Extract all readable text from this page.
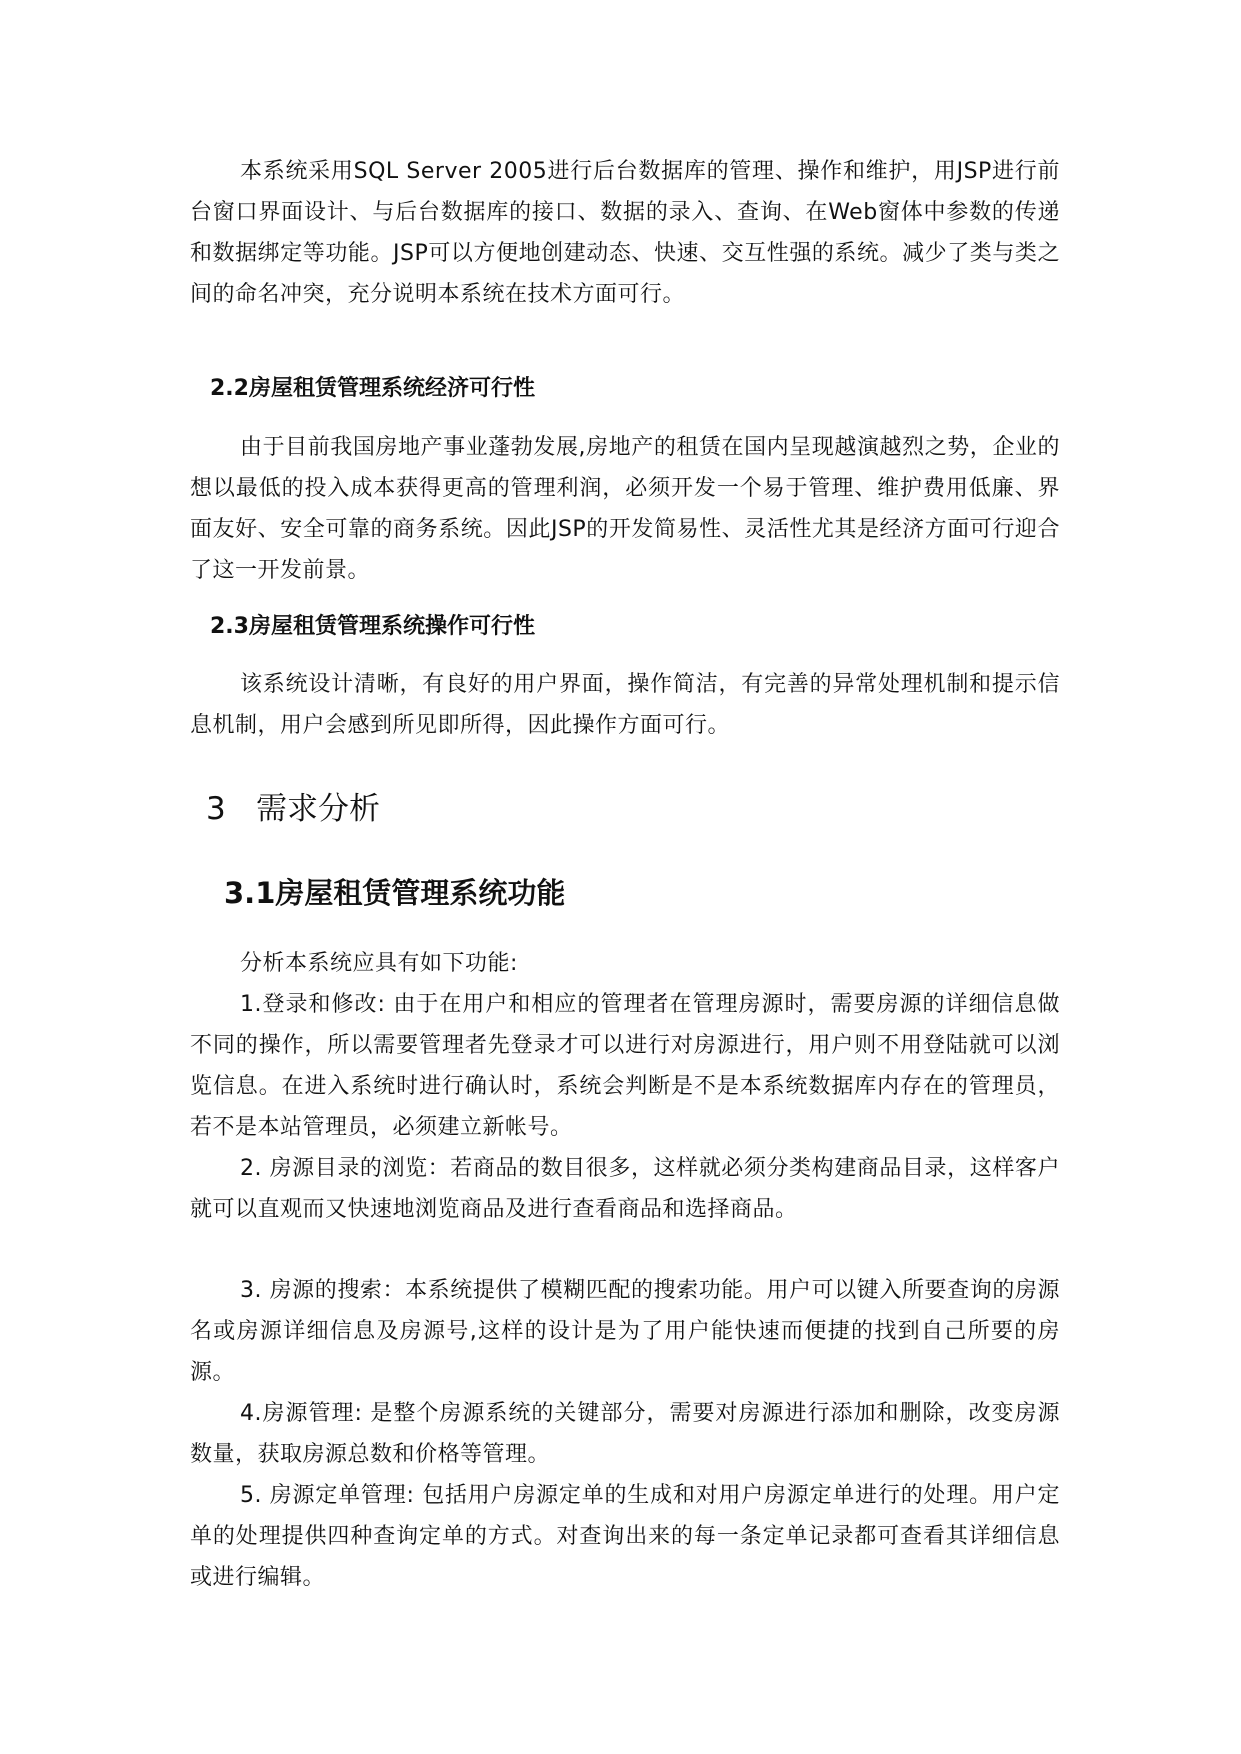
本系统采用SQL Server 2005进行后台数据库的管理、操作和维护，用JSP进行前台窗口界面设计、与后台数据库的接口、数据的录入、查询、在Web窗体中参数的传递和数据绑定等功能。JSP可以方便地创建动态、快速、交互性强的系统。减少了类与类之间的命名冲突，充分说明本系统在技术方面可行。

2.2房屋租赁管理系统经济可行性

由于目前我国房地产事业蓬勃发展,房地产的租赁在国内呈现越演越烈之势，企业的想以最低的投入成本获得更高的管理利润，必须开发一个易于管理、维护费用低廉、界面友好、安全可靠的商务系统。因此JSP的开发简易性、灵活性尤其是经济方面可行迎合了这一开发前景。

2.3房屋租赁管理系统操作可行性

该系统设计清晰，有良好的用户界面，操作简洁，有完善的异常处理机制和提示信息机制，用户会感到所见即所得，因此操作方面可行。

3 需求分析
3.1房屋租赁管理系统功能

分析本系统应具有如下功能:

1.登录和修改: 由于在用户和相应的管理者在管理房源时，需要房源的详细信息做不同的操作，所以需要管理者先登录才可以进行对房源进行，用户则不用登陆就可以浏览信息。在进入系统时进行确认时，系统会判断是不是本系统数据库内存在的管理员，若不是本站管理员，必须建立新帐号。

2. 房源目录的浏览：若商品的数目很多，这样就必须分类构建商品目录，这样客户就可以直观而又快速地浏览商品及进行查看商品和选择商品。

3. 房源的搜索：本系统提供了模糊匹配的搜索功能。用户可以键入所要查询的房源名或房源详细信息及房源号,这样的设计是为了用户能快速而便捷的找到自己所要的房源。

4.房源管理: 是整个房源系统的关键部分，需要对房源进行添加和删除，改变房源数量，获取房源总数和价格等管理。

5. 房源定单管理: 包括用户房源定单的生成和对用户房源定单进行的处理。用户定单的处理提供四种查询定单的方式。对查询出来的每一条定单记录都可查看其详细信息或进行编辑。
